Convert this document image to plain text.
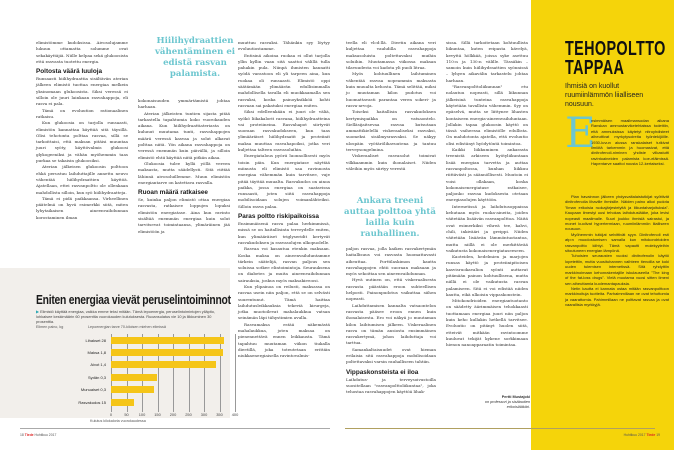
elimistömme kudoksissa. Aivosolujamme lukuun ottamatta solumme ovat sekakäyttäjiä. Niille kelpaa sekä glukoosista että rasvasta tuotettu energia.

Poltosta väärä luuloja

Runsaasti hiilihydraattia sisältävän aterian jälkeen elimistö tuottaa energiaa melkein yksinomaan glukoosista. Siksi veressä ei silloin ole juuri lainkaan rasvahappoja, eli rasva ei pala.

Tämä on evoluution rationaalinen ratkaisu.

Kun glukoosia on tarjolla runsaasti, elimistön kannattaa käyttää sitä täysillä. Olisi tehotonta polttaa rasvaa, sillä se tarkoittaisi, että maksan pitäisi muuntaa juuri syöty, käyttövalmis glukoosi glykogeeniksi ja vähän myöhemmin taas purkaa se takaisin glukoosiksi.

Aterian jälkeisen glukoosin polttoon ehkä perustuu laihduttajille annettu neuvo vähentää hiilihydraattien käyttöä. Ajatellaan, ettei rasvanpoltto ole ollenkaan mahdollista silloin, kun syö hiilihydraatteja.

Tämä ei pidä paikkaansa. Virheellinen päätelmä on hyvä esimerkki siitä, miten lyhytaikaisen aineenvaihdunnan korostaminen ilman

Hiilihydraattien vähentäminen ei edistä rasvan palamista.

kokonaisuuden ymmärtämistä johtaa harhaan.

Aterian jälkeisten tuntien sijasta pitää tarkastella tapahtumia koko vuorokauden aikana. Kun hiilihydraattiateriasta on kulunut muutama tunti, rasvahappojen määrä veressä kasvaa ja solut alkavat polttaa niitä. Yön aikana rasvahappoja on veressä enemmän kuin päivällä, ja silloin elimistö ehtii käyttää niitä pitkän aikaa.

Glukoosia tulee kyllä yöllä vereen maksasta, mutta säädellysti. Sitä riittää lähinnä aivosoluillemme. Muun elimistön energiantarve on katettava rasvalla.

Ruoan määrä ratkaisee

Se, kuinka paljon elimistö ottaa energiaa rasvasta, ratkaisee loppujen lopuksi elimistön energiatase. Aina kun ravinto sisältää enemmän energiaa kuin solut tarvitsevat toimintaansa, ylimäräinen jää elimistöön ja

muuttuu rasvaksi. Tähänkin syy löytyy evoluutiostamme.

Entisinä aikoina ruokaa ei ollut tarjolla yllin kyllin vaan sitä saattoi välillä tulla pahakin pula. Niinpä ihmisten kannatti syödä varastoon eli yli tarpeen aina, kun ruokaa oli runsaasti. Elimistö oppi säätämään ylimäärän edullisimmalla mahdollisella tavalla eli muokkaamalla sen rasvaksi, koska painoyksikköä kohti rasvaan sai pakatuksi energiaa eniten.

Siksi edelleenkään ei juuri ole väliä, syökö liikakalorit rasvana, hiilihydraatteina vai proteiineina. Rasvahapot siirtyvät suoraan rasvakudokseen, kun taas ylimääräiset hiilihydraatit ja proteiinit maksa muuttaa rasvahapoiksi, jotka veri kuljettaa talteen rasvasoluihin.

Energiatalous pyörii luonnollisesti myös toisin päin. Kun energiatase näyttää miinusta eli elimistö saa ravinnosta energiaa vähemmän kuin tarvitsee, vaje pitää täyttää muualta. Rasvakudos on ainoa paikka, jossa energiaa on saatavissa runsaasti, joten siitä rasvahappoja mobilisoidaan solujen voimanlähteiksi. Silloin rasva palaa.

Paras poltto riskipaikoissa

Ensimmäisenä rasva palaa herkimmissä, missä se on haitallisinta terveydelle eniten, kun ylimääräiset triglyseridit kertyvät rasvakudoksen ja rasvasolujen ulkopuolelle.

Rasvaa voi kasautua etenkin maksaan. Koska maksa on aineenvaihduntamme tärkein säätelijä, rasvan paljous sen soluissa sotkee elintoimintoja. Seurauksena on diabetes ja muita aineenvaihdunnan sairauksia, joskus myös maksakirroosi.

Kun ylipainoa on reilusti, maksassa on rasvaa usein niin paljon, että se on selvästi suurentunut. Tämä haittaa laihdutusleikkauksia tekeviä kirurgeja, jotka muotoilevat mahalaukkua vatsan seinämän läpi tähystimien avulla.

Rasvamaksa estää näkemästä mahalaukkua, joten maksaa on pienennettävä ennen leikkausta. Tämä tapahtuu muutaman viikon tiukalla dieetillä, joka toteutetaan erittäin niukkaenergiaisella ravintovalmis-

teella eli vlcd:llä. Dieetin aikana veri kuljettaa vauhdilla rasvahappoja maksasoluista poltettavaksi muihin soluihin. Muutamassa viikossa maksan tilavuudesta voi kadota yli puoli litraa.

Myös kohtuullinen laihtuminen vähentää rasvaa nopeammin maksasta kuin muualta kehosta. Tämä selittää, miksi jo muutaman kilon pudotus voi huomattavasti parantaa veren sokeri- ja rasva-arvoja.

Toiseksi haitallisin rasvakudoksen kertymispaikka on vatsaontelo. Sielläsijaitsevaa rasvaa kutsutaan ammattikielellä viskeraaliseksi rasvaksi, suomeksi sisälmysrasvaksi. Se näkyy ulospäin vyötärölihavuutena ja tantuu terveysongelmina.

Viskeraaliset rasvasolut toimivat vilkkaammin kuin ihonalaiset. Niiden väleihin myös siirtyy verestä

Ankara treeni auttaa polttoa yhtä lailla kuin rauhallinen.

paljon rasvaa, jolla kaiken rasvakertymän haitallisuus voi rasvasta huomattavasti aiheuttaa. Porttilaskimon kautta rasvahappojen ehtii suoraan maksaan ja myös sekoittaa sen aineenvaihdunnan.

Hyvä uutinen on, että viskeraalisesta rasvasta päästään eroon suhteellisen helposti. Painonpudotus vaikuttaa siihen nopeasti.

Laihduttamisen kannalta vatsaontelon rasvasta pääsee eroon ennen kuin ihonalaisesta. Ero voi näkyä jo muutaman kilon laihtumisen jälkeen. Viskeraalinen rasva on tämän ansiosta ensimmäinen rasvakertymä, johon laihduttaja voi tarttua.

Samankaltaisuudet ovat hieman erilaisia sitä rasvahappoja mobilisoidaan poltettavaksi varsin rauhalliseen tahtiin.

Vippaskonsteista ei iloa

Laihdutus- ja terveysoivustoilla suositellaan "rasvanpolttoliikuntaa", joka tehostaa rasvahappojen käyttöä lihak-

sissa. Sillä tarkoitetaan kohtuullista liikuntaa, kuten reipasta kävelyä, kevyttä hölkkää, joissa syke asettuu 110:n ja 130:n välille. Tässäkin – samoin kuin hiilihydraattien syönnissä – lyhyen aikavälin tarkastelu johtaa harhaan.

"Rasvanpolttoliikunnan" etu nolautuu nopeasti, sillä liikunnan jälkeisinä tunteina rasvahappoja käytetään tavallista vähemmin. Syy on epäselvä, mutta se liittynee lihasten kontaiseen energia-aineenvaihduntaan. Jollakin tapaa glukoosin käyttö on tässä vaiheessa elimistölle edullista. On mahdotonta ajatella, että evoluutio olisi edistänyt hyödytöntä toimintoa.

Kaikki liikkuminen ankarasta treenistä arkiseen hyötyliikuntaan lisää energian tarvetta ja auttaa rasvanpoltossa, kunhan liikkuu riittävästi ja säännöllisesti. Muutoin ei voisi ollakaan, koska kokonaisenergiatase ratkaisee, paljonko rasvaa kudoksesta otetaan energiasolujen käyttöön.

Internetissä ja laihdutusoppaissa kehutaan myös ruoka-aineita, joiden väitetään lisäävän rasvanpolttoa. Näitä ovat esimerkiksi vihreä tee, kahvi, chili, inkivääri ja greippi. Niiden väitetään lisäävän lämmöntuotantoa, mutta niillä ei ole merkittävää vaikutusta kokonaisenergiataseeseen.

Kaoteiden, hedelmien ja marjojen runsas käyttö ja proteiinipitoisen kasvisruokavalion syönti auttavat pitämään painon kohtuullisena, mutta niillä ei ole vaikutusta rasvan palamiseen. Sitä ei voi edistää niiden kautta, eikä ulkoisin vippaskonstein.

Mitokondrioiden energiantuotanto on säädetty äärimmäisen tehokkaasti tuottamaan energiaa juuri niin paljon kuin keho kullakin hetkellä tarvitsee. Evoluutio on pitänyt huolen siitä, etteivät mitkään ravintoomme kuuluvat tekijät kykene sorkkimaan hienon nanoapparaatin toimintaa.

Pertti Mustajoki
on professori ja sisätautien
erikoislääkäri.
Eniten energiaa vievät peruselintoiminnot
▶ Elimistö käyttää energiaa, vaikka emme teksi mitään. Tämä lepoenergia, peruselintoimintojen ylläpito, lohkaisee keskimäärin 60 prosenttia vuorokauden kulutuksesta. Ruoansulatus vie 10 ja liikkuminen 30 prosenttia.
Elimen paino, kg	Lepoenergian tarve 70-kiloisen miehen elimissä
Lihakset 28
Maksa 1,8
Aivot 1,4
Sydän 0,3
Munuaiset 0,3
Rasvakudos 15
0	50	100 150 200 250 300 350 400
Kulutus kilokaloria vuorokaudessa
TEHOPOLTTO
TAPPAA
Ihmisiä on kuollut ruumiinlämmön liialliseen nousuun.
E

nsimmäisen maailmansodan aikana Ranskan ammustarviketehtaissa todettiin, että ammuksissa käytetyt nitroyhdisteet aiheuttivat myrkytysoireita työntekijöille. 1930-luvun alussa ranskalaiset tutkivat ilmiötä tarkemmin ja huomasivat, että dinitrofenoli-niminen yhdiste vilkastutti ravintoaineiden palamista koe-eläimissä. Hapentarve saattoi nousta 12-kertaiseksi.

Pian havainnon jälkeen yhdysvaltalaistutkijat syöttivät dinitrofenolia lihaville ihmisille. Näiden paino alkoi pudota "ilman erikoisia ruokajärjestelyitä ja liikuntaharjoituksia". Kaupaan ilmestyi uusi tehokas laihdutuslääke, joka levisi nopeasti maailmalle. Suuri joukko ihmisiä sairastui, ja monet kuolivat hypertermiaan, ruumiinlämmön liialliseen nousuun.

Myöhemmin tutkijat selvittivät syyn. Dinitrofenoli esti atp:n muodostumisen samalla kun mitokondrioiden rasvanpoltto kiihtyi. Tämä vapautti molekyyleihin sitoutuneen energian lämpönä.

Tuhoisien seurausten vuoksi dinitrofenolin käyttö lopetettiin, mutta vuosituhannen vaihteen tienoilla se koki uuden tulemisen internetissä. Sitä ryhdyttiin markkinoimaan kehonrakentajille iskulauseella "The king of the fat-loss drugs". Vielä muutama vuosi sitten ilmeni sen aiheuttamia kuolemantapauksia.

Netin kautta ei kannata ostaa mitään rasvanpolttoon markkinoituja tuotteita. Parhaimmillaan ne ovat tehottomia ja vaarattomia. Pahimmillaan ne polttavat rasvaa ja ovat vaarallisia myrkkyjä.

18 Tiede Huhtikuu 2017	Huhtikuu 2017 Tiede 19
